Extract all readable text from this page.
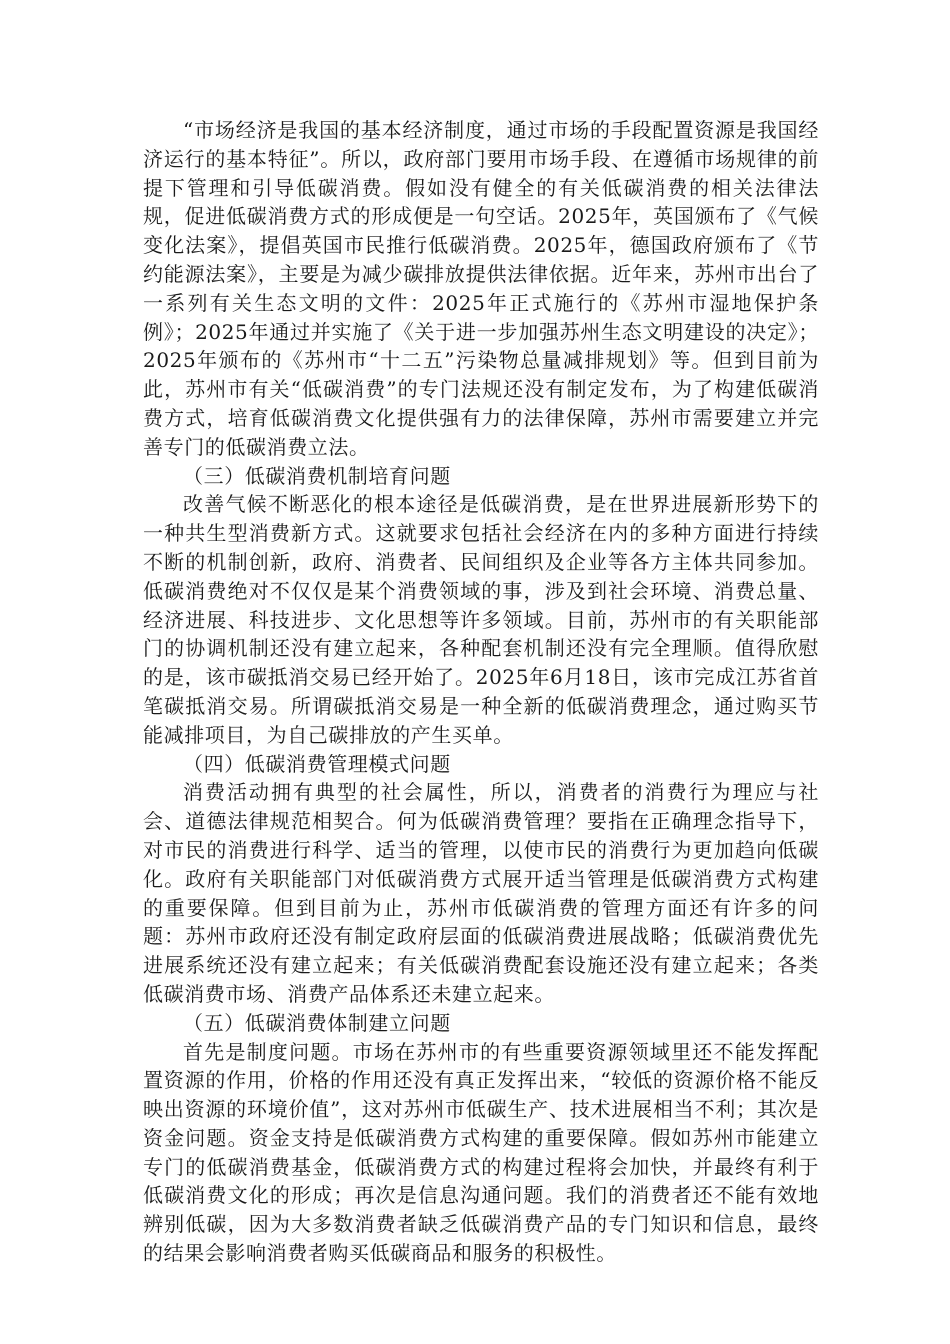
“市场经济是我国的基本经济制度，通过市场的手段配置资源是我国经济运行的基本特征”。所以，政府部门要用市场手段、在遵循市场规律的前提下管理和引导低碳消费。假如没有健全的有关低碳消费的相关法律法规，促进低碳消费方式的形成便是一句空话。2025年，英国颁布了《气候变化法案》，提倡英国市民推行低碳消费。2025年，德国政府颁布了《节约能源法案》，主要是为减少碳排放提供法律依据。近年来，苏州市出台了一系列有关生态文明的文件：2025年正式施行的《苏州市湿地保护条例》；2025年通过并实施了《关于进一步加强苏州生态文明建设的决定》；2025年颁布的《苏州市“十二五”污染物总量减排规划》等。但到目前为此，苏州市有关“低碳消费”的专门法规还没有制定发布，为了构建低碳消费方式，培育低碳消费文化提供强有力的法律保障，苏州市需要建立并完善专门的低碳消费立法。

（三）低碳消费机制培育问题

改善气候不断恶化的根本途径是低碳消费，是在世界进展新形势下的一种共生型消费新方式。这就要求包括社会经济在内的多种方面进行持续不断的机制创新，政府、消费者、民间组织及企业等各方主体共同参加。低碳消费绝对不仅仅是某个消费领域的事，涉及到社会环境、消费总量、经济进展、科技进步、文化思想等许多领域。目前，苏州市的有关职能部门的协调机制还没有建立起来，各种配套机制还没有完全理顺。值得欣慰的是，该市碳抵消交易已经开始了。2025年6月18日，该市完成江苏省首笔碳抵消交易。所谓碳抵消交易是一种全新的低碳消费理念，通过购买节能减排项目，为自己碳排放的产生买单。

（四）低碳消费管理模式问题

消费活动拥有典型的社会属性，所以，消费者的消费行为理应与社会、道德法律规范相契合。何为低碳消费管理？要指在正确理念指导下，对市民的消费进行科学、适当的管理，以使市民的消费行为更加趋向低碳化。政府有关职能部门对低碳消费方式展开适当管理是低碳消费方式构建的重要保障。但到目前为止，苏州市低碳消费的管理方面还有许多的问题：苏州市政府还没有制定政府层面的低碳消费进展战略；低碳消费优先进展系统还没有建立起来；有关低碳消费配套设施还没有建立起来；各类低碳消费市场、消费产品体系还未建立起来。

（五）低碳消费体制建立问题

首先是制度问题。市场在苏州市的有些重要资源领域里还不能发挥配置资源的作用，价格的作用还没有真正发挥出来，“较低的资源价格不能反映出资源的环境价值”，这对苏州市低碳生产、技术进展相当不利；其次是资金问题。资金支持是低碳消费方式构建的重要保障。假如苏州市能建立专门的低碳消费基金，低碳消费方式的构建过程将会加快，并最终有利于低碳消费文化的形成；再次是信息沟通问题。我们的消费者还不能有效地辨别低碳，因为大多数消费者缺乏低碳消费产品的专门知识和信息，最终的结果会影响消费者购买低碳商品和服务的积极性。
